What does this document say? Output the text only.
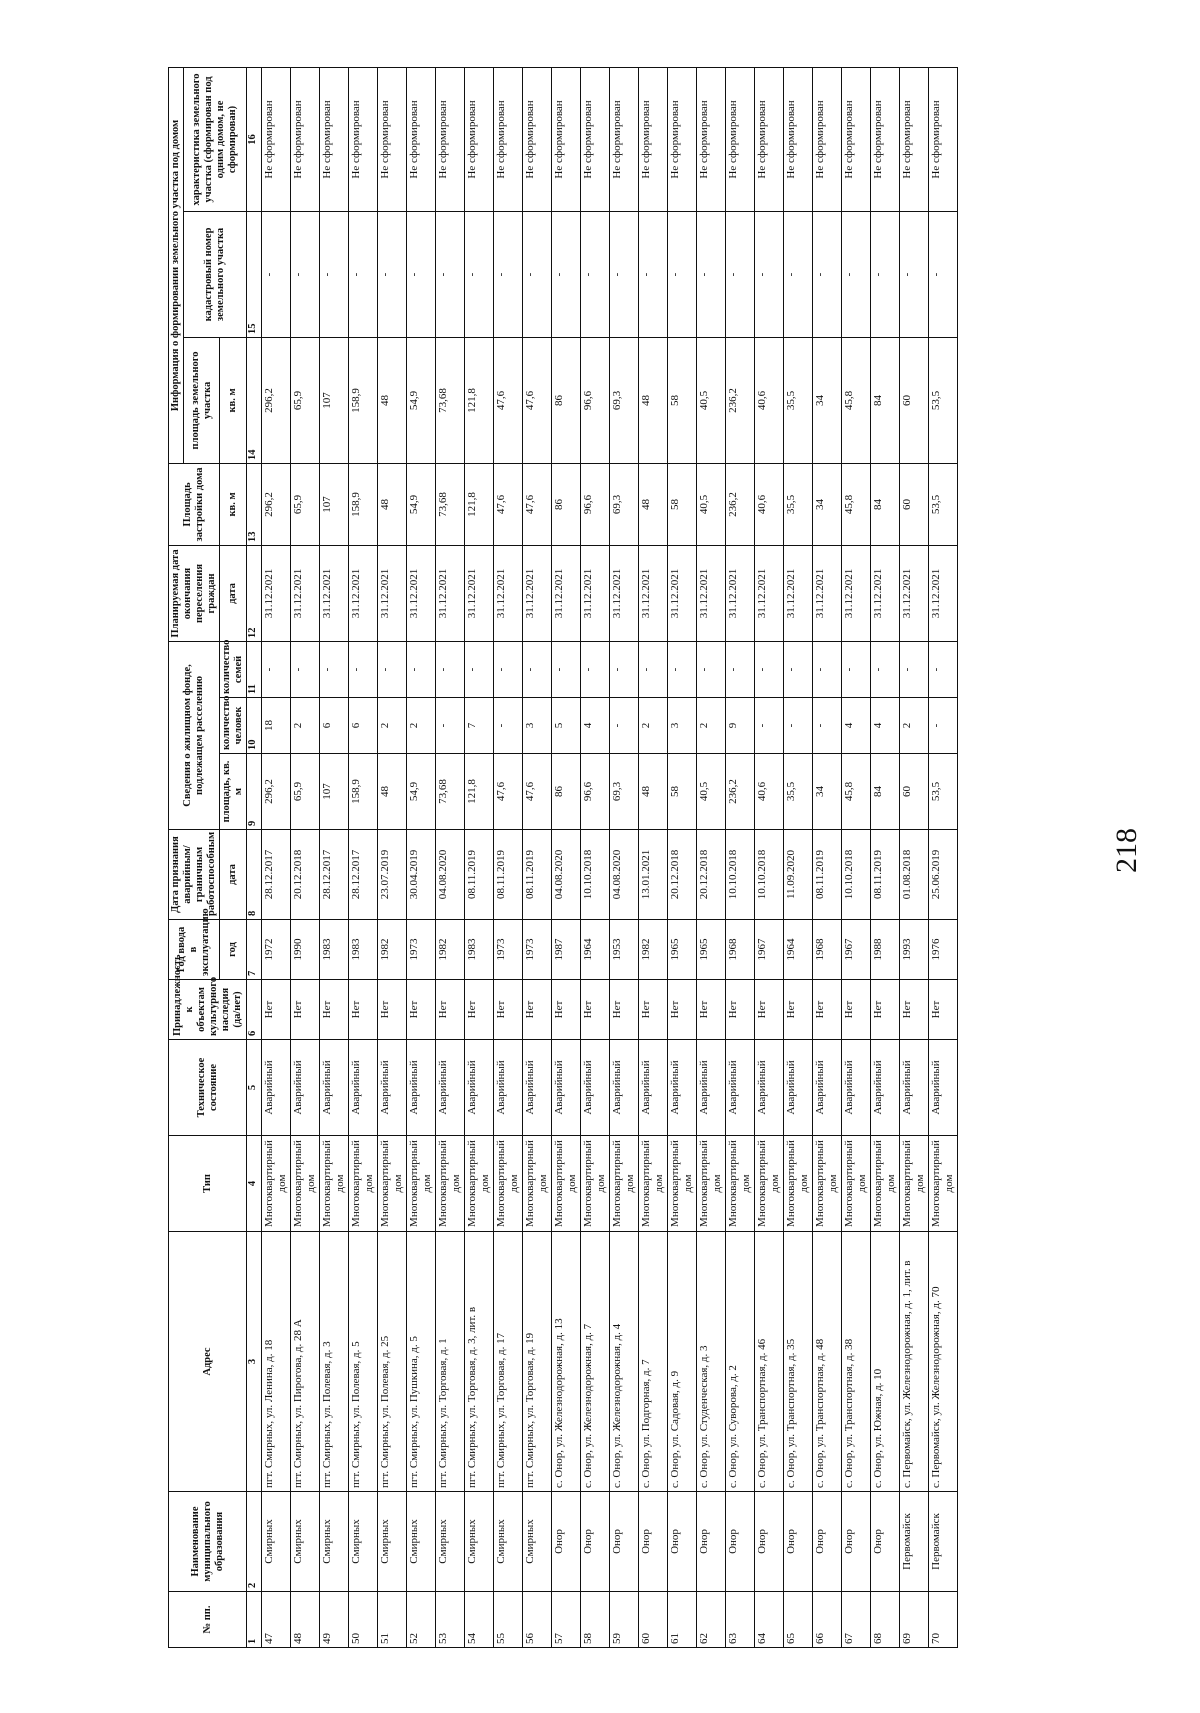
218
№ пп.	Наименование муниципального образования	Адрес	Тип	Техническое состояние	Принадлежность к объектам культурного наследия (да/нет)	Год ввода в эксплуатацию	Дата признания аварийным/граничным работоспособным	Сведения о жилищном фонде, подлежащем расселению			Планируемая дата окончания переселения граждан	Площадь застройки дома	Информация о формировании земельного участка под домом		
													площадь земельного участка	кадастровый номер земельного участка	характеристика земельного участка (сформирован под одним домом, не сформирован)
						год	дата	площадь, кв. м	количество человек	количество семей	дата	кв. м	кв. м		
1	2	3	4	5	6	7	8	9	10	11	12	13	14	15	16
47	Смирных	пгт. Смирных, ул. Ленина, д. 18	Многоквартирный дом	Аварийный	Нет	1972	28.12.2017	296,2	18	-	31.12.2021	296,2	296,2	-	Не сформирован
48	Смирных	пгт. Смирных, ул. Пирогова, д. 28 А	Многоквартирный дом	Аварийный	Нет	1990	20.12.2018	65,9	2	-	31.12.2021	65,9	65,9	-	Не сформирован
49	Смирных	пгт. Смирных, ул. Полевая, д. 3	Многоквартирный дом	Аварийный	Нет	1983	28.12.2017	107	6	-	31.12.2021	107	107	-	Не сформирован
50	Смирных	пгт. Смирных, ул. Полевая, д. 5	Многоквартирный дом	Аварийный	Нет	1983	28.12.2017	158,9	6	-	31.12.2021	158,9	158,9	-	Не сформирован
51	Смирных	пгт. Смирных, ул. Полевая, д. 25	Многоквартирный дом	Аварийный	Нет	1982	23.07.2019	48	2	-	31.12.2021	48	48	-	Не сформирован
52	Смирных	пгт. Смирных, ул. Пушкина, д. 5	Многоквартирный дом	Аварийный	Нет	1973	30.04.2019	54,9	2	-	31.12.2021	54,9	54,9	-	Не сформирован
53	Смирных	пгт. Смирных, ул. Торговая, д. 1	Многоквартирный дом	Аварийный	Нет	1982	04.08.2020	73,68	-	-	31.12.2021	73,68	73,68	-	Не сформирован
54	Смирных	пгт. Смирных, ул. Торговая, д. 3, лит. в	Многоквартирный дом	Аварийный	Нет	1983	08.11.2019	121,8	7	-	31.12.2021	121,8	121,8	-	Не сформирован
55	Смирных	пгт. Смирных, ул. Торговая, д. 17	Многоквартирный дом	Аварийный	Нет	1973	08.11.2019	47,6	-	-	31.12.2021	47,6	47,6	-	Не сформирован
56	Смирных	пгт. Смирных, ул. Торговая, д. 19	Многоквартирный дом	Аварийный	Нет	1973	08.11.2019	47,6	3	-	31.12.2021	47,6	47,6	-	Не сформирован
57	Онор	с. Онор, ул. Железнодорожная, д. 13	Многоквартирный дом	Аварийный	Нет	1987	04.08.2020	86	5	-	31.12.2021	86	86	-	Не сформирован
58	Онор	с. Онор, ул. Железнодорожная, д. 7	Многоквартирный дом	Аварийный	Нет	1964	10.10.2018	96,6	4	-	31.12.2021	96,6	96,6	-	Не сформирован
59	Онор	с. Онор, ул. Железнодорожная, д. 4	Многоквартирный дом	Аварийный	Нет	1953	04.08.2020	69,3	-	-	31.12.2021	69,3	69,3	-	Не сформирован
60	Онор	с. Онор, ул. Подгорная, д. 7	Многоквартирный дом	Аварийный	Нет	1982	13.01.2021	48	2	-	31.12.2021	48	48	-	Не сформирован
61	Онор	с. Онор, ул. Садовая, д. 9	Многоквартирный дом	Аварийный	Нет	1965	20.12.2018	58	3	-	31.12.2021	58	58	-	Не сформирован
62	Онор	с. Онор, ул. Студенческая, д. 3	Многоквартирный дом	Аварийный	Нет	1965	20.12.2018	40,5	2	-	31.12.2021	40,5	40,5	-	Не сформирован
63	Онор	с. Онор, ул. Суворова, д. 2	Многоквартирный дом	Аварийный	Нет	1968	10.10.2018	236,2	9	-	31.12.2021	236,2	236,2	-	Не сформирован
64	Онор	с. Онор, ул. Транспортная, д. 46	Многоквартирный дом	Аварийный	Нет	1967	10.10.2018	40,6	-	-	31.12.2021	40,6	40,6	-	Не сформирован
65	Онор	с. Онор, ул. Транспортная, д. 35	Многоквартирный дом	Аварийный	Нет	1964	11.09.2020	35,5	-	-	31.12.2021	35,5	35,5	-	Не сформирован
66	Онор	с. Онор, ул. Транспортная, д. 48	Многоквартирный дом	Аварийный	Нет	1968	08.11.2019	34	-	-	31.12.2021	34	34	-	Не сформирован
67	Онор	с. Онор, ул. Транспортная, д. 38	Многоквартирный дом	Аварийный	Нет	1967	10.10.2018	45,8	4	-	31.12.2021	45,8	45,8	-	Не сформирован
68	Онор	с. Онор, ул. Южная, д. 10	Многоквартирный дом	Аварийный	Нет	1988	08.11.2019	84	4	-	31.12.2021	84	84	-	Не сформирован
69	Первомайск	с. Первомайск, ул. Железнодорожная, д. 1, лит. в	Многоквартирный дом	Аварийный	Нет	1993	01.08.2018	60	2	-	31.12.2021	60	60	-	Не сформирован
70	Первомайск	с. Первомайск, ул. Железнодорожная, д. 70	Многоквартирный дом	Аварийный	Нет	1976	25.06.2019	53,5	-	-	31.12.2021	53,5	53,5	-	Не сформирован
